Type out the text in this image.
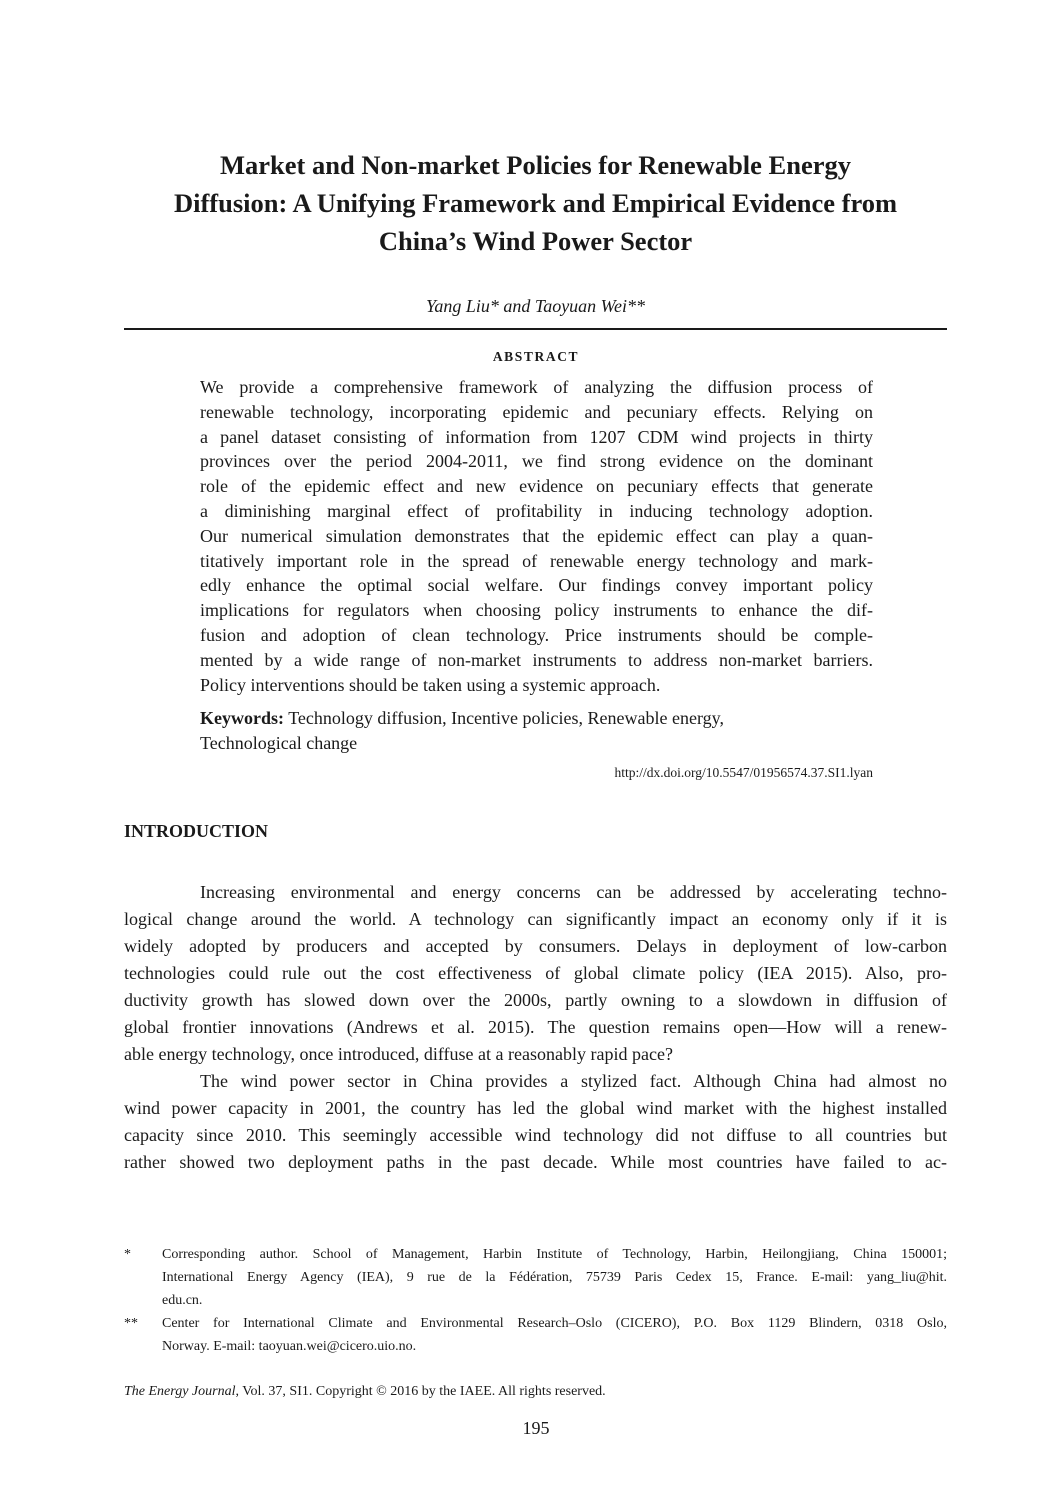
Market and Non-market Policies for Renewable Energy
Diffusion: A Unifying Framework and Empirical Evidence from
China’s Wind Power Sector
Yang Liu* and Taoyuan Wei**
ABSTRACT
We provide a comprehensive framework of analyzing the diffusion process of
renewable technology, incorporating epidemic and pecuniary effects. Relying on
a panel dataset consisting of information from 1207 CDM wind projects in thirty
provinces over the period 2004-2011, we find strong evidence on the dominant
role of the epidemic effect and new evidence on pecuniary effects that generate
a diminishing marginal effect of profitability in inducing technology adoption.
Our numerical simulation demonstrates that the epidemic effect can play a quan-
titatively important role in the spread of renewable energy technology and mark-
edly enhance the optimal social welfare. Our findings convey important policy
implications for regulators when choosing policy instruments to enhance the dif-
fusion and adoption of clean technology. Price instruments should be comple-
mented by a wide range of non-market instruments to address non-market barriers.
Policy interventions should be taken using a systemic approach.
Keywords: Technology diffusion, Incentive policies, Renewable energy,
Technological change
http://dx.doi.org/10.5547/01956574.37.SI1.lyan
INTRODUCTION
Increasing environmental and energy concerns can be addressed by accelerating techno-
logical change around the world. A technology can significantly impact an economy only if it is
widely adopted by producers and accepted by consumers. Delays in deployment of low-carbon
technologies could rule out the cost effectiveness of global climate policy (IEA 2015). Also, pro-
ductivity growth has slowed down over the 2000s, partly owning to a slowdown in diffusion of
global frontier innovations (Andrews et al. 2015). The question remains open—How will a renew-
able energy technology, once introduced, diffuse at a reasonably rapid pace?
The wind power sector in China provides a stylized fact. Although China had almost no
wind power capacity in 2001, the country has led the global wind market with the highest installed
capacity since 2010. This seemingly accessible wind technology did not diffuse to all countries but
rather showed two deployment paths in the past decade. While most countries have failed to ac-
* Corresponding author. School of Management, Harbin Institute of Technology, Harbin, Heilongjiang, China 150001;
International Energy Agency (IEA), 9 rue de la Fédération, 75739 Paris Cedex 15, France. E-mail: yang_liu@hit.
edu.cn.
** Center for International Climate and Environmental Research–Oslo (CICERO), P.O. Box 1129 Blindern, 0318 Oslo,
Norway. E-mail: taoyuan.wei@cicero.uio.no.
The Energy Journal, Vol. 37, SI1. Copyright © 2016 by the IAEE. All rights reserved.
195
